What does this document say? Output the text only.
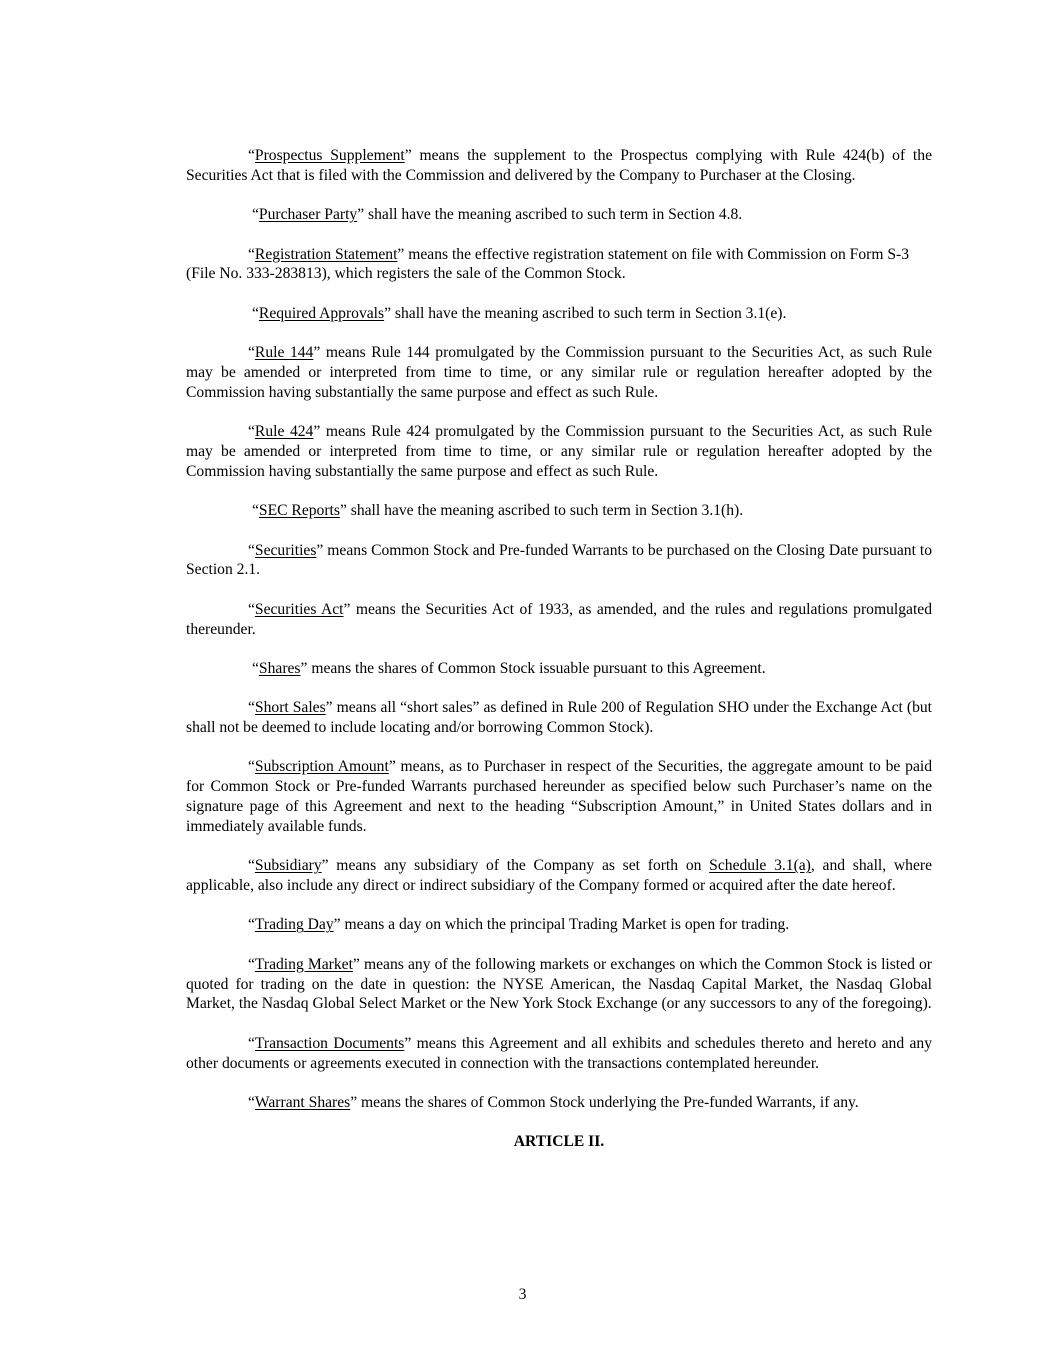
“Prospectus Supplement” means the supplement to the Prospectus complying with Rule 424(b) of the Securities Act that is filed with the Commission and delivered by the Company to Purchaser at the Closing.

“Purchaser Party” shall have the meaning ascribed to such term in Section 4.8.

“Registration Statement” means the effective registration statement on file with Commission on Form S-3 (File No. 333-283813), which registers the sale of the Common Stock.

“Required Approvals” shall have the meaning ascribed to such term in Section 3.1(e).

“Rule 144” means Rule 144 promulgated by the Commission pursuant to the Securities Act, as such Rule may be amended or interpreted from time to time, or any similar rule or regulation hereafter adopted by the Commission having substantially the same purpose and effect as such Rule.

“Rule 424” means Rule 424 promulgated by the Commission pursuant to the Securities Act, as such Rule may be amended or interpreted from time to time, or any similar rule or regulation hereafter adopted by the Commission having substantially the same purpose and effect as such Rule.

“SEC Reports” shall have the meaning ascribed to such term in Section 3.1(h).

“Securities” means Common Stock and Pre-funded Warrants to be purchased on the Closing Date pursuant to Section 2.1.

“Securities Act” means the Securities Act of 1933, as amended, and the rules and regulations promulgated thereunder.

“Shares” means the shares of Common Stock issuable pursuant to this Agreement.

“Short Sales” means all “short sales” as defined in Rule 200 of Regulation SHO under the Exchange Act (but shall not be deemed to include locating and/or borrowing Common Stock).

“Subscription Amount” means, as to Purchaser in respect of the Securities, the aggregate amount to be paid for Common Stock or Pre-funded Warrants purchased hereunder as specified below such Purchaser’s name on the signature page of this Agreement and next to the heading “Subscription Amount,” in United States dollars and in immediately available funds.

“Subsidiary” means any subsidiary of the Company as set forth on Schedule 3.1(a), and shall, where applicable, also include any direct or indirect subsidiary of the Company formed or acquired after the date hereof.

“Trading Day” means a day on which the principal Trading Market is open for trading.

“Trading Market” means any of the following markets or exchanges on which the Common Stock is listed or quoted for trading on the date in question: the NYSE American, the Nasdaq Capital Market, the Nasdaq Global Market, the Nasdaq Global Select Market or the New York Stock Exchange (or any successors to any of the foregoing).

“Transaction Documents” means this Agreement and all exhibits and schedules thereto and hereto and any other documents or agreements executed in connection with the transactions contemplated hereunder.

“Warrant Shares” means the shares of Common Stock underlying the Pre-funded Warrants, if any.

ARTICLE II.

3
